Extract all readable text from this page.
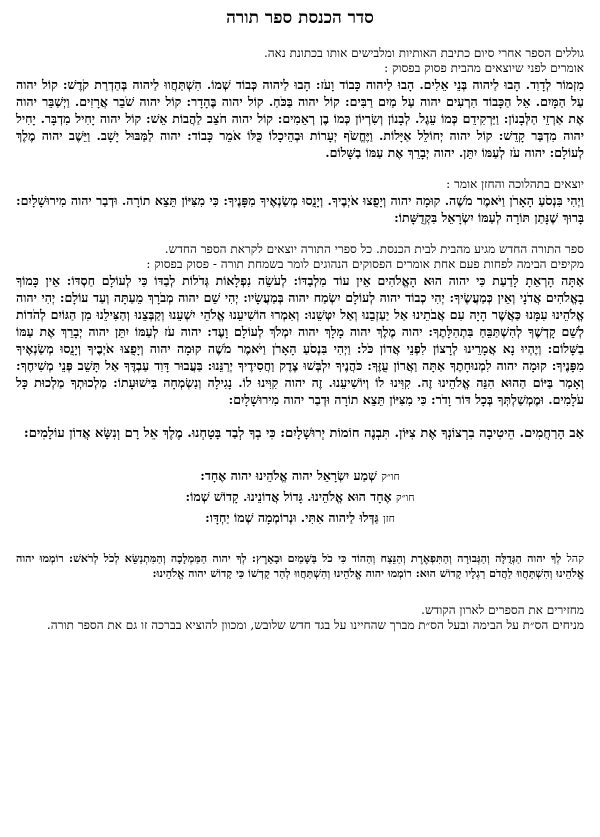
סדר הכנסת ספר תורה

גוללים הספר אחרי סיום כתיבת האותיות ומלבישים אותו בכתונת נאה.

אומרים לפני שיוצאים מהבית פסוק בפסוק :

מִזְמוֹר לְדָוִד. הָבוּ לַיהוה בְּנֵי אֵלִים. הָבוּ לַיהוה כָּבוֹד וָעֹז: הָבוּ לַיהוה כְּבוֹד שְׁמוֹ. הִשְׁתַּחֲווּ לַיהוה בְּהַדְרַת קֹדֶשׁ: קוֹל יהוה עַל הַמָּיִם. אֵל הַכָּבוֹד הִרְעִים יהוה עַל מַיִם רַבִּים: קוֹל יהוה בַּכֹּחַ. קוֹל יהוה בֶּהָדָר: קוֹל יהוה שֹׁבֵר אֲרָזִים. וַיְשַׁבֵּר יהוה אֶת אַרְזֵי הַלְּבָנוֹן: וַיַּרְקִידֵם כְּמוֹ עֵגֶל. לְבָנוֹן וְשִׂרְיוֹן כְּמוֹ בֶן רְאֵמִים: קוֹל יהוה חֹצֵב לַהֲבוֹת אֵשׁ: קוֹל יהוה יָחִיל מִדְבָּר. יָחִיל יהוה מִדְבַּר קָדֵשׁ: קוֹל יהוה יְחוֹלֵל אַיָּלוֹת. וַיֶּחֱשֹׂף יְעָרוֹת וּבְהֵיכָלוֹ כֻּלּוֹ אֹמֵר כָּבוֹד: יהוה לַמַּבּוּל יָשָׁב. וַיֵּשֶׁב יהוה מֶלֶךְ לְעוֹלָם: יהוה עֹז לְעַמּוֹ יִתֵּן. יהוה יְבָרֵךְ אֶת עַמּוֹ בַשָּׁלוֹם.

יוצאים בתהלוכה והחזן אומר :

וַיְהִי בִּנְסֹעַ הָאָרֹן וַיֹּאמֶר מֹשֶׁה. קוּמָה יהוה וְיָפֻצוּ אֹיְבֶיךָ. וְיָנֻסוּ מְשַׂנְאֶיךָ מִפָּנֶיךָ: כִּי מִצִּיּוֹן תֵּצֵא תוֹרָה. וּדְבַר יהוה מִירוּשָׁלָיִם: בָּרוּךְ שֶׁנָּתַן תּוֹרָה לְעַמּוֹ יִשְׂרָאֵל בִּקְדֻשָּׁתוֹ:

ספר התורה החדש מגיע מהבית לבית הכנסת. כל ספרי התורה יוצאים לקראת הספר החדש.

מקיפים הבימה לפחות פעם אחת אומרים הפסוקים הנהוגים לומר בשמחת תורה - פסוק בפסוק :

אַתָּה הָרְאֵתָ לָדַעַת כִּי יהוה הוּא הָאֱלֹהִים אֵין עוֹד מִלְבַדּוֹ: לְעֹשֵׂה נִפְלָאוֹת גְּדֹלוֹת לְבַדּוֹ כִּי לְעוֹלָם חַסְדּוֹ: אֵין כָּמוֹךָ בָאֱלֹהִים אֲדֹנָי וְאֵין כְּמַעֲשֶׂיךָ: יְהִי כְבוֹד יהוה לְעוֹלָם יִשְׂמַח יהוה בְּמַעֲשָׂיו: יְהִי שֵׁם יהוה מְבֹרָךְ מֵעַתָּה וְעַד עוֹלָם: יְהִי יהוה אֱלֹהֵינוּ עִמָּנוּ כַּאֲשֶׁר הָיָה עִם אֲבֹתֵינוּ אַל יַעַזְבֵנוּ וְאַל יִטְּשֵׁנוּ: וְאִמְרוּ הוֹשִׁיעֵנוּ אֱלֹהֵי יִשְׁעֵנוּ וְקַבְּצֵנוּ וְהַצִּילֵנוּ מִן הַגּוֹיִם לְהֹדוֹת לְשֵׁם קָדְשֶׁךָ לְהִשְׁתַּבֵּחַ בִּתְהִלָּתֶךָ: יהוה מֶלֶךְ יהוה מָלָךְ יהוה יִמְלֹךְ לְעוֹלָם וָעֶד: יהוה עֹז לְעַמּוֹ יִתֵּן יהוה יְבָרֵךְ אֶת עַמּוֹ בַשָּׁלוֹם: וְיֶהְיוּ נָא אֲמָרֵינוּ לְרָצוֹן לִפְנֵי אֲדוֹן כֹּל: וַיְהִי בִּנְסֹעַ הָאָרֹן וַיֹּאמֶר מֹשֶׁה קוּמָה יהוה וְיָפֻצוּ אֹיְבֶיךָ וְיָנֻסוּ מְשַׂנְאֶיךָ מִפָּנֶיךָ: קוּמָה יהוה לִמְנוּחָתֶךָ אַתָּה וַאֲרוֹן עֻזֶּךָ: כֹּהֲנֶיךָ יִלְבְּשׁוּ צֶדֶק וַחֲסִידֶיךָ יְרַנֵּנוּ: בַּעֲבוּר דָּוִד עַבְדֶּךָ אַל תָּשֵׁב פְּנֵי מְשִׁיחֶךָ: וְאָמַר בַּיּוֹם הַהוּא הִנֵּה אֱלֹהֵינוּ זֶה. קִוִּינוּ לוֹ וְיוֹשִׁיעֵנוּ. זֶה יהוה קִוִּינוּ לוֹ. נָגִילָה וְנִשְׂמְחָה בִּישׁוּעָתוֹ: מַלְכוּתְךָ מַלְכוּת כָּל עֹלָמִים. וּמֶמְשַׁלְתְּךָ בְּכָל דּוֹר וָדֹר: כִּי מִצִּיּוֹן תֵּצֵא תוֹרָה וּדְבַר יהוה מִירוּשָׁלָיִם:

אַב הָרַחֲמִים. הֵיטִיבָה בִרְצוֹנְךָ אֶת צִיּוֹן. תִּבְנֶה חוֹמוֹת יְרוּשָׁלָיִם: כִּי בְךָ לְבַד בָּטָחְנוּ. מֶלֶךְ אֵל רָם וְנִשָּׂא אֲדוֹן עוֹלָמִים:

חו״ק שְׁמַע יִשְׂרָאֵל יהוה אֱלֹהֵינוּ יהוה אֶחָד:
חו״ק אֶחָד הוּא אֱלֹהֵינוּ. גָּדוֹל אֲדוֹנֵינוּ. קָדוֹשׁ שְׁמוֹ:
חזן גַּדְּלוּ לַיהוה אִתִּי. וּנְרוֹמְמָה שְׁמוֹ יַחְדָּו:

קהל לְךָ יהוה הַגְּדֻלָּה וְהַגְּבוּרָה וְהַתִּפְאֶרֶת וְהַנֵּצַח וְהַהוֹד כִּי כֹל בַּשָּׁמַיִם וּבָאָרֶץ: לְךָ יהוה הַמַּמְלָכָה וְהַמִּתְנַשֵּׂא לְכֹל לְרֹאשׁ: רוֹמְמוּ יהוה אֱלֹהֵינוּ וְהִשְׁתַּחֲווּ לַהֲדֹם רַגְלָיו קָדוֹשׁ הוּא: רוֹמְמוּ יהוה אֱלֹהֵינוּ וְהִשְׁתַּחֲווּ לְהַר קָדְשׁוֹ כִּי קָדוֹשׁ יהוה אֱלֹהֵינוּ:

מחזירים את הספרים לארון הקודש.

מניחים הס״ת על הבימה ובעל הס״ת מברך שהחיינו על בגד חדש שלובש, ומכוון להוציא בברכה זו גם את הספר תורה.
